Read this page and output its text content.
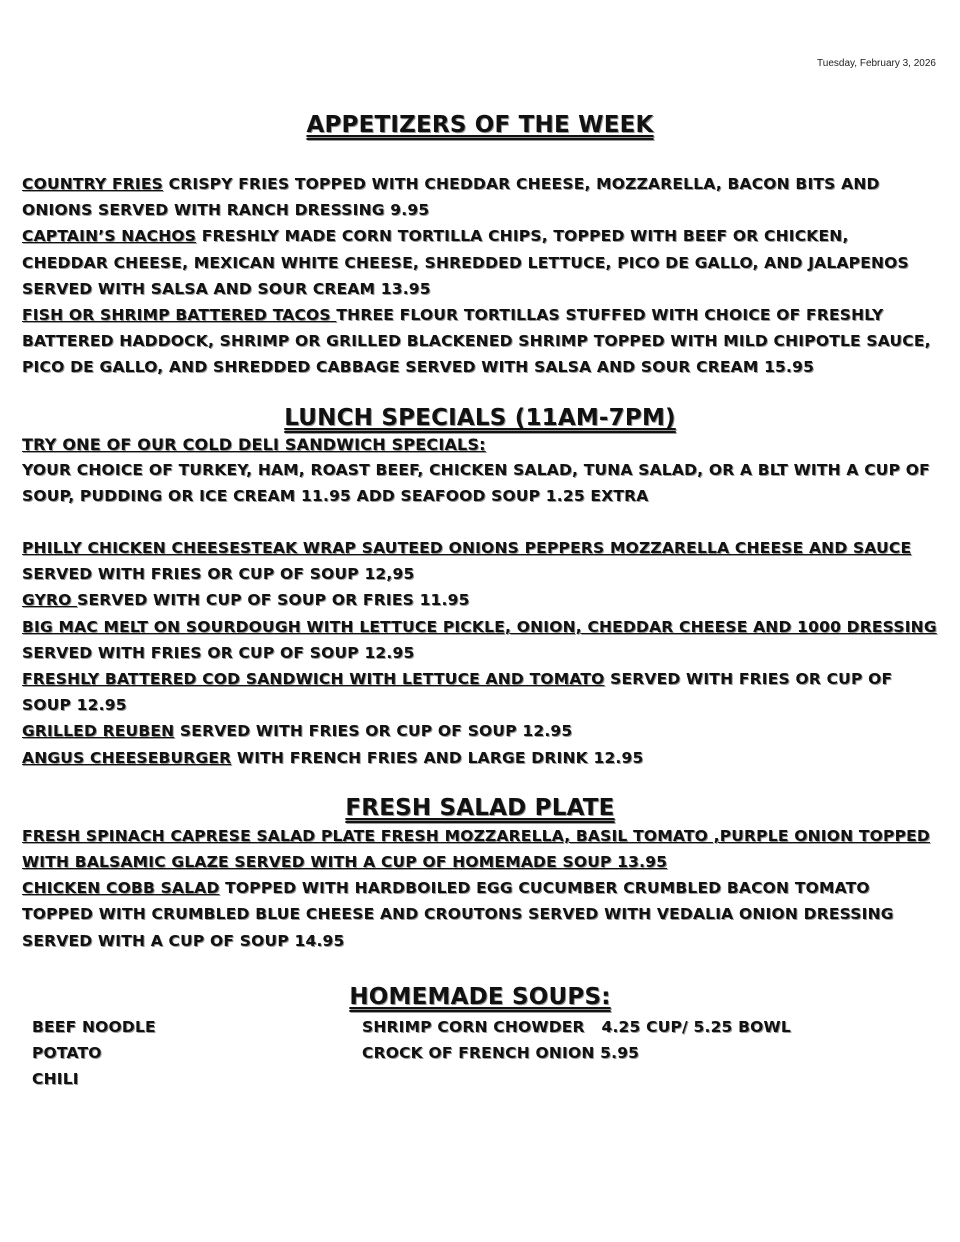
Tuesday, February 3, 2026
APPETIZERS OF THE WEEK

COUNTRY FRIES CRISPY FRIES TOPPED WITH CHEDDAR CHEESE, MOZZARELLA, BACON BITS AND ONIONS SERVED WITH RANCH DRESSING 9.95

CAPTAIN’S NACHOS FRESHLY MADE CORN TORTILLA CHIPS, TOPPED WITH BEEF OR CHICKEN, CHEDDAR CHEESE, MEXICAN WHITE CHEESE, SHREDDED LETTUCE, PICO DE GALLO, AND JALAPENOS SERVED WITH SALSA AND SOUR CREAM 13.95

FISH OR SHRIMP BATTERED TACOS THREE FLOUR TORTILLAS STUFFED WITH CHOICE OF FRESHLY BATTERED HADDOCK, SHRIMP OR GRILLED BLACKENED SHRIMP TOPPED WITH MILD CHIPOTLE SAUCE, PICO DE GALLO, AND SHREDDED CABBAGE SERVED WITH SALSA AND SOUR CREAM 15.95

LUNCH SPECIALS (11AM-7PM)

TRY ONE OF OUR COLD DELI SANDWICH SPECIALS:

YOUR CHOICE OF TURKEY, HAM, ROAST BEEF, CHICKEN SALAD, TUNA SALAD, OR A BLT WITH A CUP OF SOUP, PUDDING OR ICE CREAM 11.95 ADD SEAFOOD SOUP 1.25 EXTRA

PHILLY CHICKEN CHEESESTEAK WRAP SAUTEED ONIONS PEPPERS MOZZARELLA CHEESE AND SAUCE SERVED WITH FRIES OR CUP OF SOUP 12,95

GYRO SERVED WITH CUP OF SOUP OR FRIES 11.95

BIG MAC MELT ON SOURDOUGH WITH LETTUCE PICKLE, ONION, CHEDDAR CHEESE AND 1000 DRESSING SERVED WITH FRIES OR CUP OF SOUP 12.95

FRESHLY BATTERED COD SANDWICH WITH LETTUCE AND TOMATO SERVED WITH FRIES OR CUP OF SOUP 12.95

GRILLED REUBEN SERVED WITH FRIES OR CUP OF SOUP 12.95

ANGUS CHEESEBURGER WITH FRENCH FRIES AND LARGE DRINK 12.95

FRESH SALAD PLATE

FRESH SPINACH CAPRESE SALAD PLATE FRESH MOZZARELLA, BASIL TOMATO ,PURPLE ONION TOPPED WITH BALSAMIC GLAZE SERVED WITH A CUP OF HOMEMADE SOUP 13.95

CHICKEN COBB SALAD TOPPED WITH HARDBOILED EGG CUCUMBER CRUMBLED BACON TOMATO TOPPED WITH CRUMBLED BLUE CHEESE AND CROUTONS SERVED WITH VEDALIA ONION DRESSING SERVED WITH A CUP OF SOUP 14.95

HOMEMADE SOUPS:

BEEF NOODLE

POTATO

CHILI

SHRIMP CORN CHOWDER   4.25 CUP/ 5.25 BOWL

CROCK OF FRENCH ONION 5.95
